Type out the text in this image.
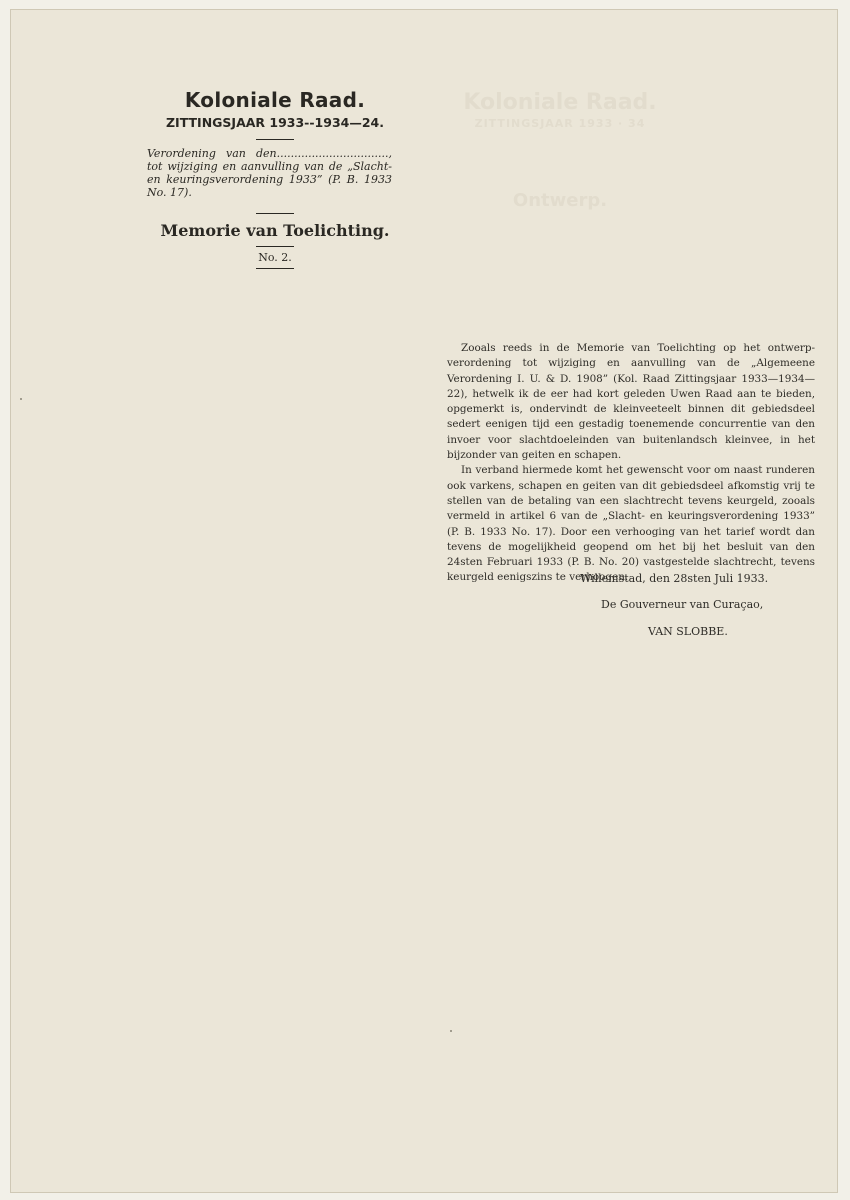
Koloniale Raad.
ZITTINGSJAAR 1933 · 34
Ontwerp.
Koloniale Raad.
ZITTINGSJAAR 1933--1934—24.
Verordening van den................................, tot wijziging en aanvulling van de „Slacht- en keuringsverordening 1933” (P. B. 1933 No. 17).
Memorie van Toelichting.
No. 2.

Zooals reeds in de Memorie van Toelichting op het ontwerp-verordening tot wijziging en aanvulling van de „Algemeene Verordening I. U. & D. 1908” (Kol. Raad Zittingsjaar 1933—1934—22), hetwelk ik de eer had kort geleden Uwen Raad aan te bieden, opgemerkt is, ondervindt de kleinveeteelt binnen dit gebiedsdeel sedert eenigen tijd een gestadig toenemende concurrentie van den invoer voor slachtdoeleinden van buitenlandsch kleinvee, in het bijzonder van geiten en schapen.

In verband hiermede komt het gewenscht voor om naast runderen ook varkens, schapen en geiten van dit gebiedsdeel afkomstig vrij te stellen van de betaling van een slachtrecht tevens keurgeld, zooals vermeld in artikel 6 van de „Slacht- en keuringsverordening 1933” (P. B. 1933 No. 17). Door een verhooging van het tarief wordt dan tevens de mogelijkheid geopend om het bij het besluit van den 24sten Februari 1933 (P. B. No. 20) vastgestelde slachtrecht, tevens keurgeld eenigszins te verhoogen.

Willemstad, den 28sten Juli 1933.
De Gouverneur van Curaçao,
VAN SLOBBE.
